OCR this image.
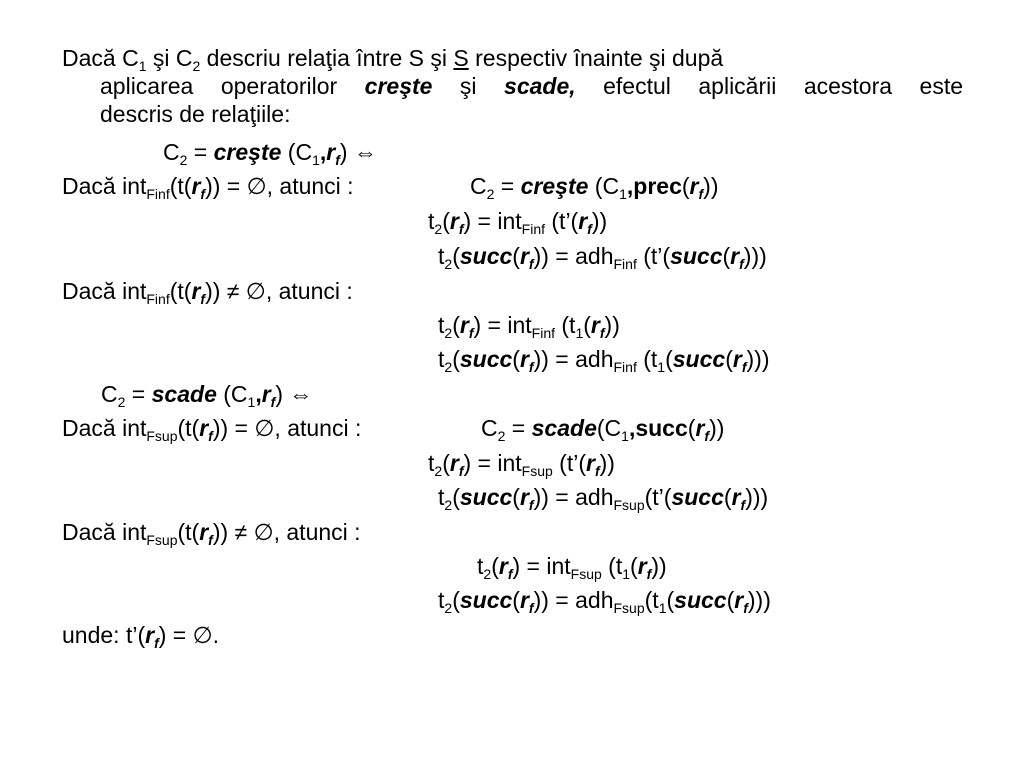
Dacă $C_1$ şi $C_2$ descriu relaţia între S şi S respectiv înainte şi după
aplicarea operatorilor creşte şi scade, efectul aplicării acestora este
descris de relaţiile:
$C_2$ = creşte $(C_1,r_f)$ ⇔
Dacă $int_{Finf}(t(r_f))$ = ∅, atunci :	$C_2$ = creşte $(C_1,prec(r_f))$
$t_2(r_f) = int_{Finf}$ $(t’(r_f))$
$t_2(succ(r_f)) = adh_{Finf}$ $(t’(succ(r_f)))$
Dacă $int_{Finf}(t(r_f))$ ≠ ∅, atunci :
$t_2(r_f) = int_{Finf}$ $(t_1(r_f))$
$t_2(succ(r_f)) = adh_{Finf}$ $(t_1(succ(r_f)))$
$C_2$ = scade $(C_1,r_f)$ ⇔
Dacă $int_{Fsup}(t(r_f))$ = ∅, atunci :	$C_2$ = $scade(C_1,succ(r_f))$
$t_2(r_f) = int_{Fsup}$ $(t’(r_f))$
$t_2(succ(r_f))$ = $adh_{Fsup}(t’(succ(r_f)))$
Dacă $int_{Fsup}(t(r_f))$ ≠ ∅, atunci :
$t_2(r_f) = int_{Fsup}$ $(t_1(r_f))$
$t_2(succ(r_f))$ = $adh_{Fsup}(t_1(succ(r_f)))$
unde: $t’(r_f)$ = ∅.
